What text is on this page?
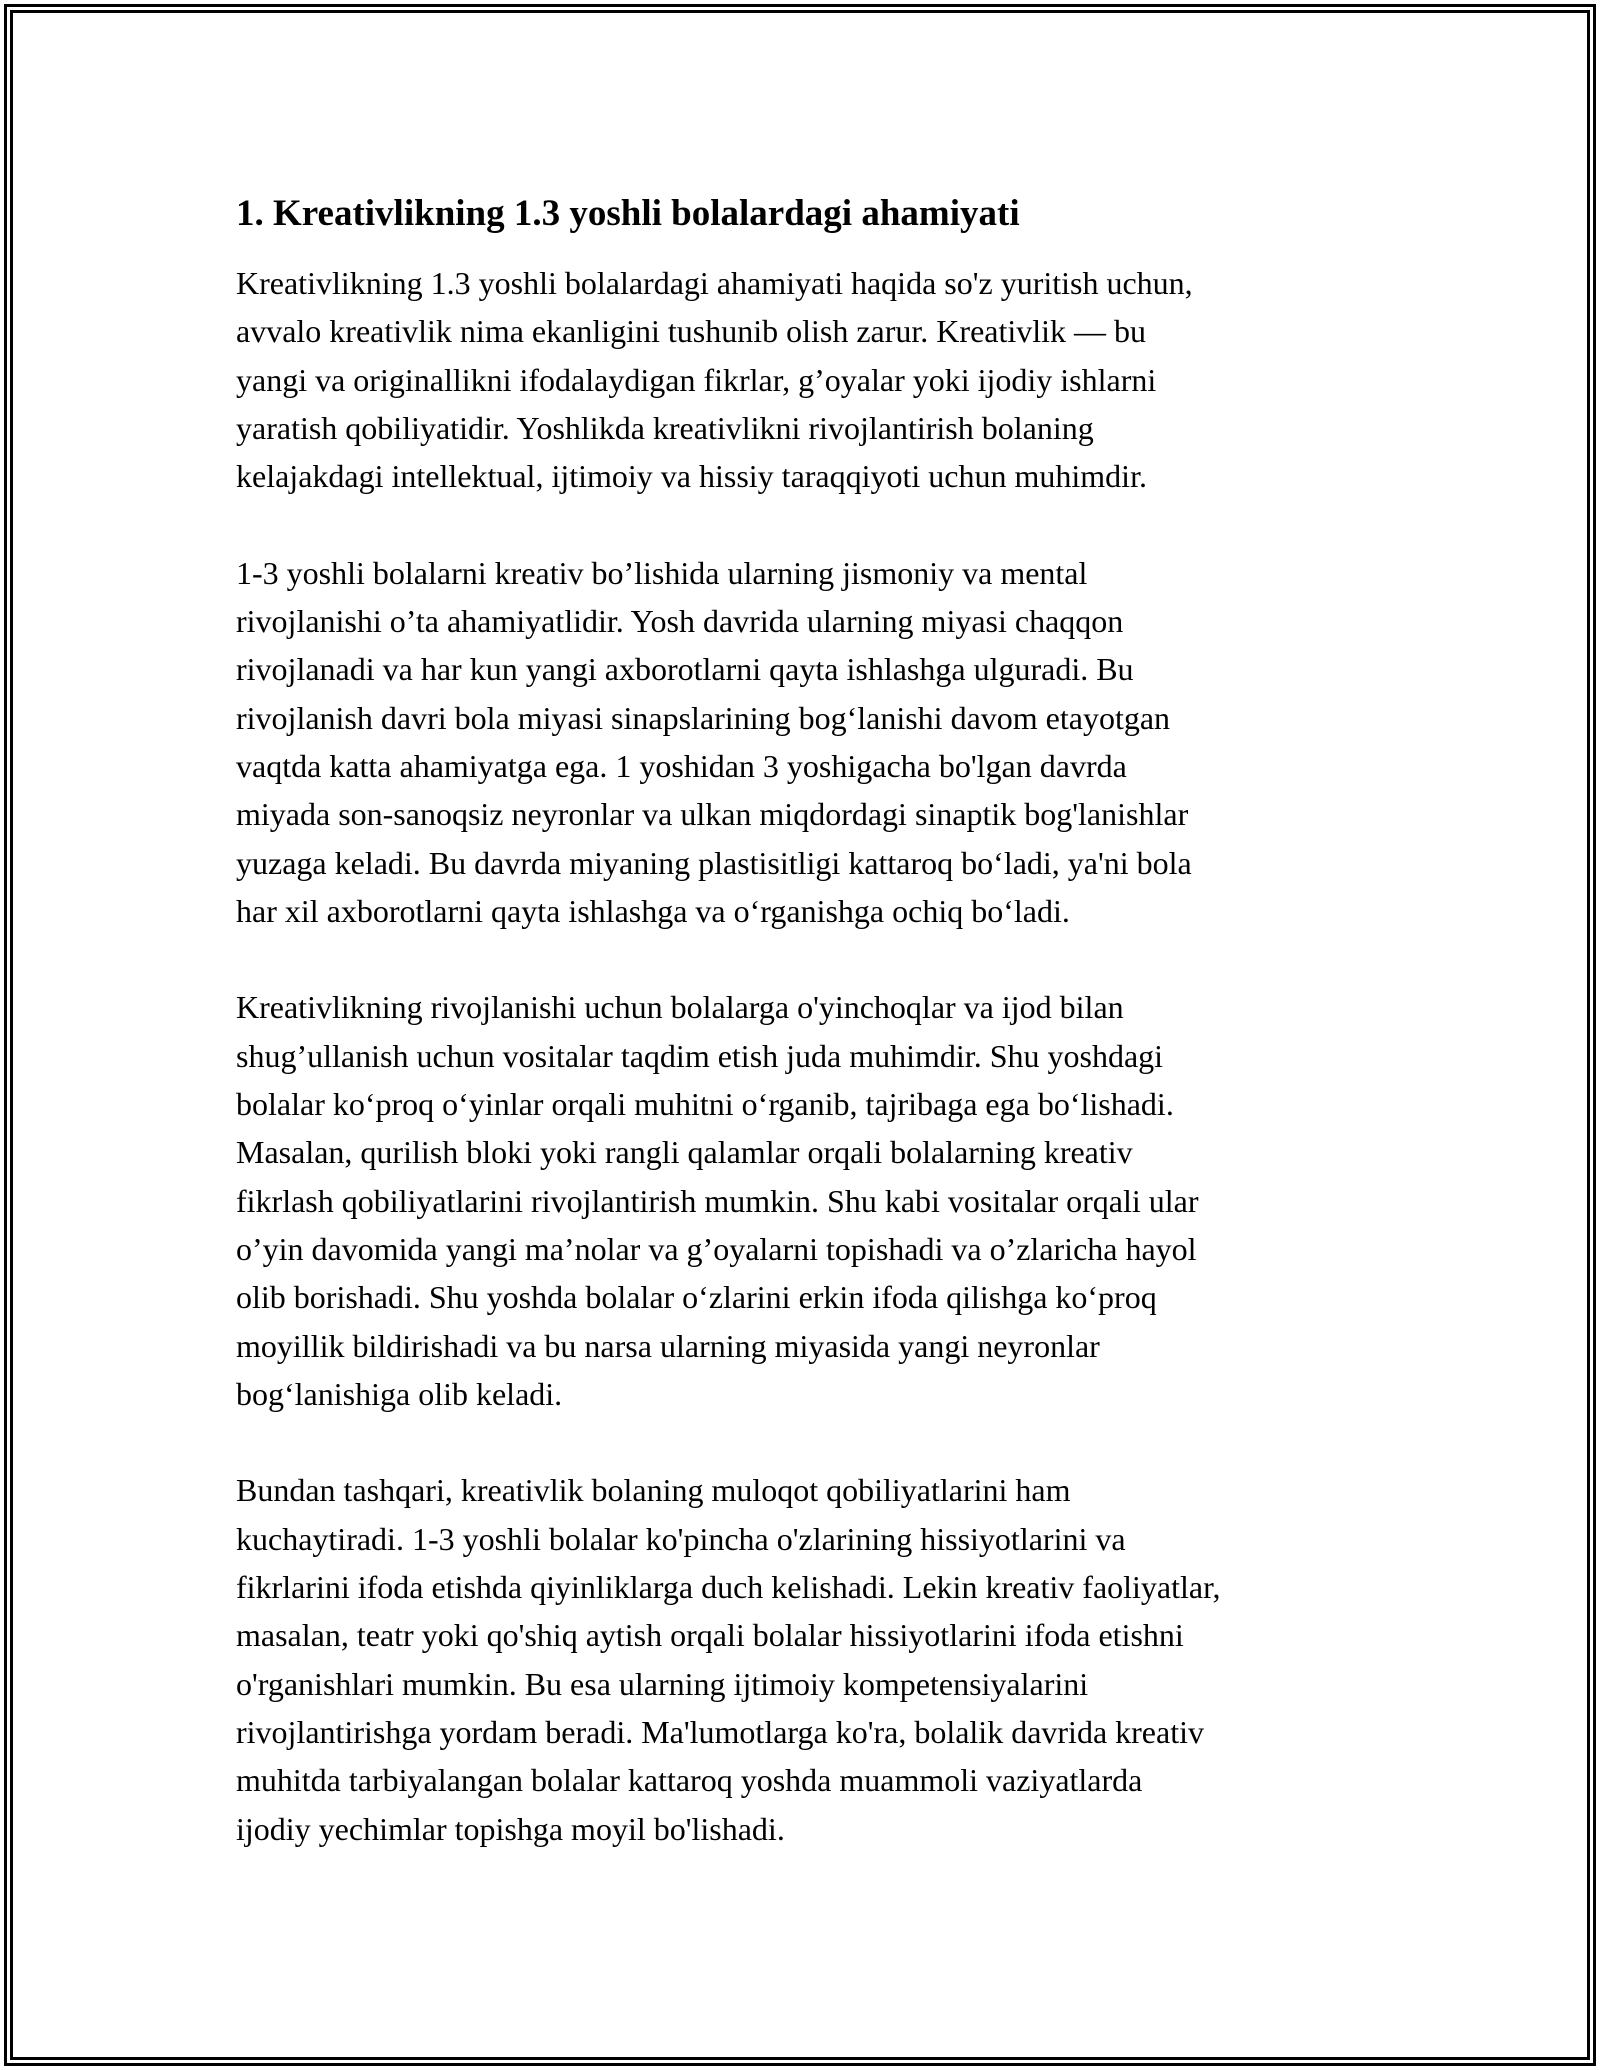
1. Kreativlikning 1.3 yoshli bolalardagi ahamiyati

Kreativlikning 1.3 yoshli bolalardagi ahamiyati haqida so'z yuritish uchun,
avvalo kreativlik nima ekanligini tushunib olish zarur. Kreativlik — bu
yangi va originallikni ifodalaydigan fikrlar, g’oyalar yoki ijodiy ishlarni
yaratish qobiliyatidir. Yoshlikda kreativlikni rivojlantirish bolaning
kelajakdagi intellektual, ijtimoiy va hissiy taraqqiyoti uchun muhimdir.

1-3 yoshli bolalarni kreativ bo’lishida ularning jismoniy va mental
rivojlanishi o’ta ahamiyatlidir. Yosh davrida ularning miyasi chaqqon
rivojlanadi va har kun yangi axborotlarni qayta ishlashga ulguradi. Bu
rivojlanish davri bola miyasi sinapslarining bog‘lanishi davom etayotgan
vaqtda katta ahamiyatga ega. 1 yoshidan 3 yoshigacha bo'lgan davrda
miyada son-sanoqsiz neyronlar va ulkan miqdordagi sinaptik bog'lanishlar
yuzaga keladi. Bu davrda miyaning plastisitligi kattaroq bo‘ladi, ya'ni bola
har xil axborotlarni qayta ishlashga va o‘rganishga ochiq bo‘ladi.

Kreativlikning rivojlanishi uchun bolalarga o'yinchoqlar va ijod bilan
shug’ullanish uchun vositalar taqdim etish juda muhimdir. Shu yoshdagi
bolalar ko‘proq o‘yinlar orqali muhitni o‘rganib, tajribaga ega bo‘lishadi.
Masalan, qurilish bloki yoki rangli qalamlar orqali bolalarning kreativ
fikrlash qobiliyatlarini rivojlantirish mumkin. Shu kabi vositalar orqali ular
o’yin davomida yangi ma’nolar va g’oyalarni topishadi va o’zlaricha hayol
olib borishadi. Shu yoshda bolalar o‘zlarini erkin ifoda qilishga ko‘proq
moyillik bildirishadi va bu narsa ularning miyasida yangi neyronlar
bog‘lanishiga olib keladi.

Bundan tashqari, kreativlik bolaning muloqot qobiliyatlarini ham
kuchaytiradi. 1-3 yoshli bolalar ko'pincha o'zlarining hissiyotlarini va
fikrlarini ifoda etishda qiyinliklarga duch kelishadi. Lekin kreativ faoliyatlar,
masalan, teatr yoki qo'shiq aytish orqali bolalar hissiyotlarini ifoda etishni
o'rganishlari mumkin. Bu esa ularning ijtimoiy kompetensiyalarini
rivojlantirishga yordam beradi. Ma'lumotlarga ko'ra, bolalik davrida kreativ
muhitda tarbiyalangan bolalar kattaroq yoshda muammoli vaziyatlarda
ijodiy yechimlar topishga moyil bo'lishadi.
